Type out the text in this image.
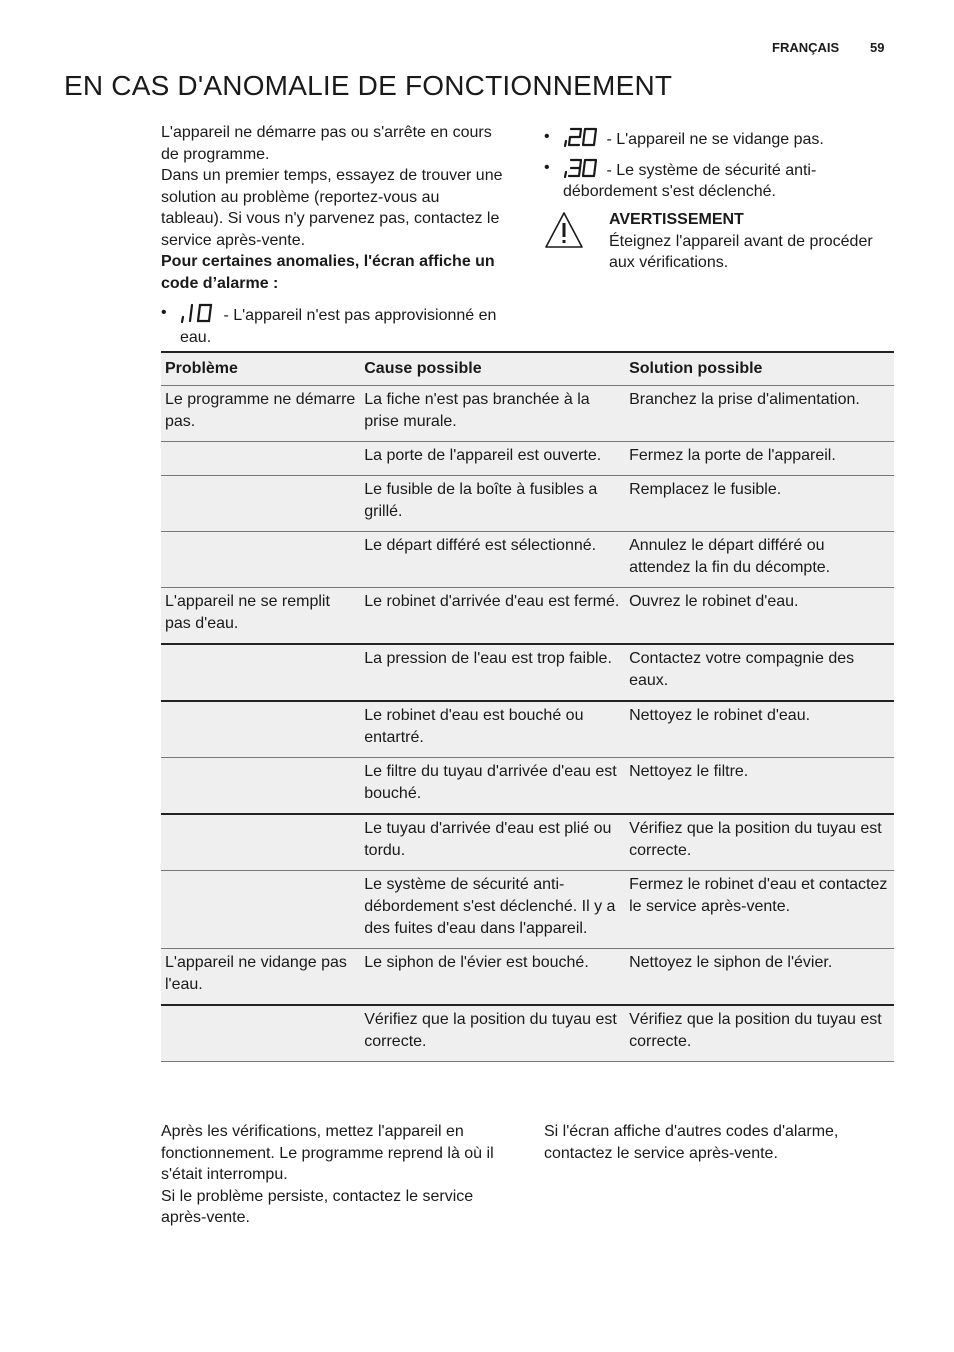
FRANÇAIS 59
EN CAS D'ANOMALIE DE FONCTIONNEMENT

L'appareil ne démarre pas ou s'arrête en cours de programme.

Dans un premier temps, essayez de trouver une solution au problème (reportez-vous au tableau). Si vous n'y parvenez pas, contactez le service après-vente.

Pour certaines anomalies, l'écran affiche un code d’alarme :

•	- L'appareil n'est pas approvisionné en eau.
•	- L'appareil ne se vidange pas.
•	- Le système de sécurité anti-débordement s'est déclenché.
AVERTISSEMENT
Éteignez l'appareil avant de procéder aux vérifications.
Problème	Cause possible	Solution possible
Le programme ne démarre pas.	La fiche n'est pas branchée à la prise murale.	Branchez la prise d'alimentation.
	La porte de l'appareil est ouverte.	Fermez la porte de l'appareil.
	Le fusible de la boîte à fusibles a grillé.	Remplacez le fusible.
	Le départ différé est sélectionné.	Annulez le départ différé ou attendez la fin du décompte.
L'appareil ne se remplit pas d'eau.	Le robinet d'arrivée d'eau est fermé.	Ouvrez le robinet d'eau.
	La pression de l'eau est trop faible.	Contactez votre compagnie des eaux.
	Le robinet d'eau est bouché ou entartré.	Nettoyez le robinet d'eau.
	Le filtre du tuyau d'arrivée d'eau est bouché.	Nettoyez le filtre.
	Le tuyau d'arrivée d'eau est plié ou tordu.	Vérifiez que la position du tuyau est correcte.
	Le système de sécurité anti-débordement s'est déclenché. Il y a des fuites d'eau dans l'appareil.	Fermez le robinet d'eau et contactez le service après-vente.
L'appareil ne vidange pas l'eau.	Le siphon de l'évier est bouché.	Nettoyez le siphon de l'évier.
	Vérifiez que la position du tuyau est correcte.	Vérifiez que la position du tuyau est correcte.

Après les vérifications, mettez l'appareil en fonctionnement. Le programme reprend là où il s'était interrompu.

Si le problème persiste, contactez le service après-vente.

Si l'écran affiche d'autres codes d'alarme, contactez le service après-vente.
